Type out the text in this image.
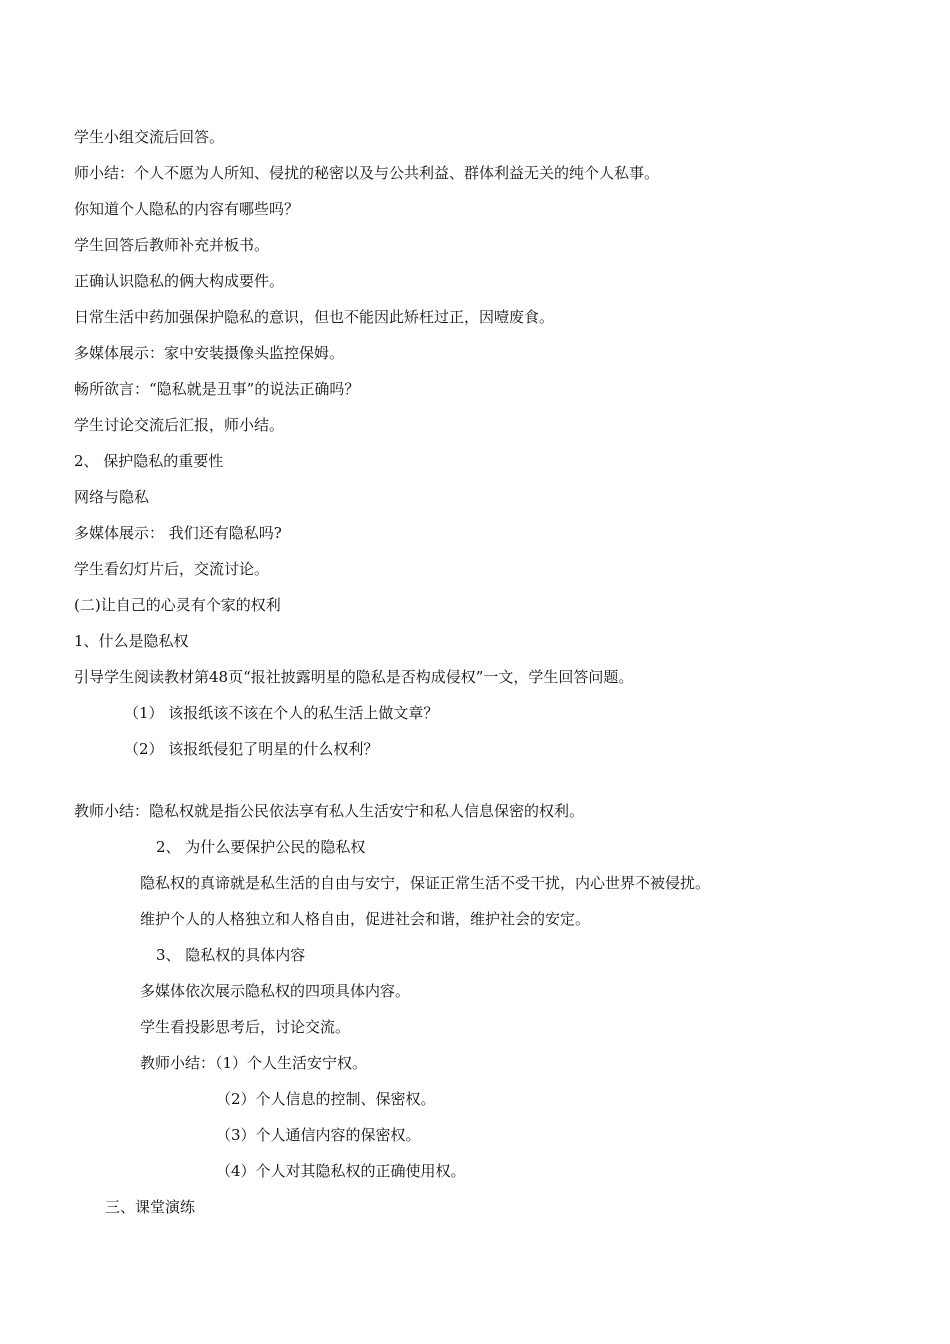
学生小组交流后回答。
师小结：个人不愿为人所知、侵扰的秘密以及与公共利益、群体利益无关的纯个人私事。
你知道个人隐私的内容有哪些吗？
学生回答后教师补充并板书。
正确认识隐私的俩大构成要件。
日常生活中药加强保护隐私的意识，但也不能因此矫枉过正，因噎废食。
多媒体展示：家中安装摄像头监控保姆。
畅所欲言：“隐私就是丑事”的说法正确吗？
学生讨论交流后汇报，师小结。
2、 保护隐私的重要性
网络与隐私
多媒体展示： 我们还有隐私吗?
学生看幻灯片后，交流讨论。
(二)让自己的心灵有个家的权利
1、什么是隐私权
引导学生阅读教材第48页“报社披露明星的隐私是否构成侵权”一文，学生回答问题。
（1） 该报纸该不该在个人的私生活上做文章？
（2） 该报纸侵犯了明星的什么权利？
教师小结：隐私权就是指公民依法享有私人生活安宁和私人信息保密的权利。
2、 为什么要保护公民的隐私权
隐私权的真谛就是私生活的自由与安宁，保证正常生活不受干扰，内心世界不被侵扰。
维护个人的人格独立和人格自由，促进社会和谐，维护社会的安定。
3、 隐私权的具体内容
多媒体依次展示隐私权的四项具体内容。
学生看投影思考后，讨论交流。
教师小结：（1）个人生活安宁权。
（2）个人信息的控制、保密权。
（3）个人通信内容的保密权。
（4）个人对其隐私权的正确使用权。
三、课堂演练
